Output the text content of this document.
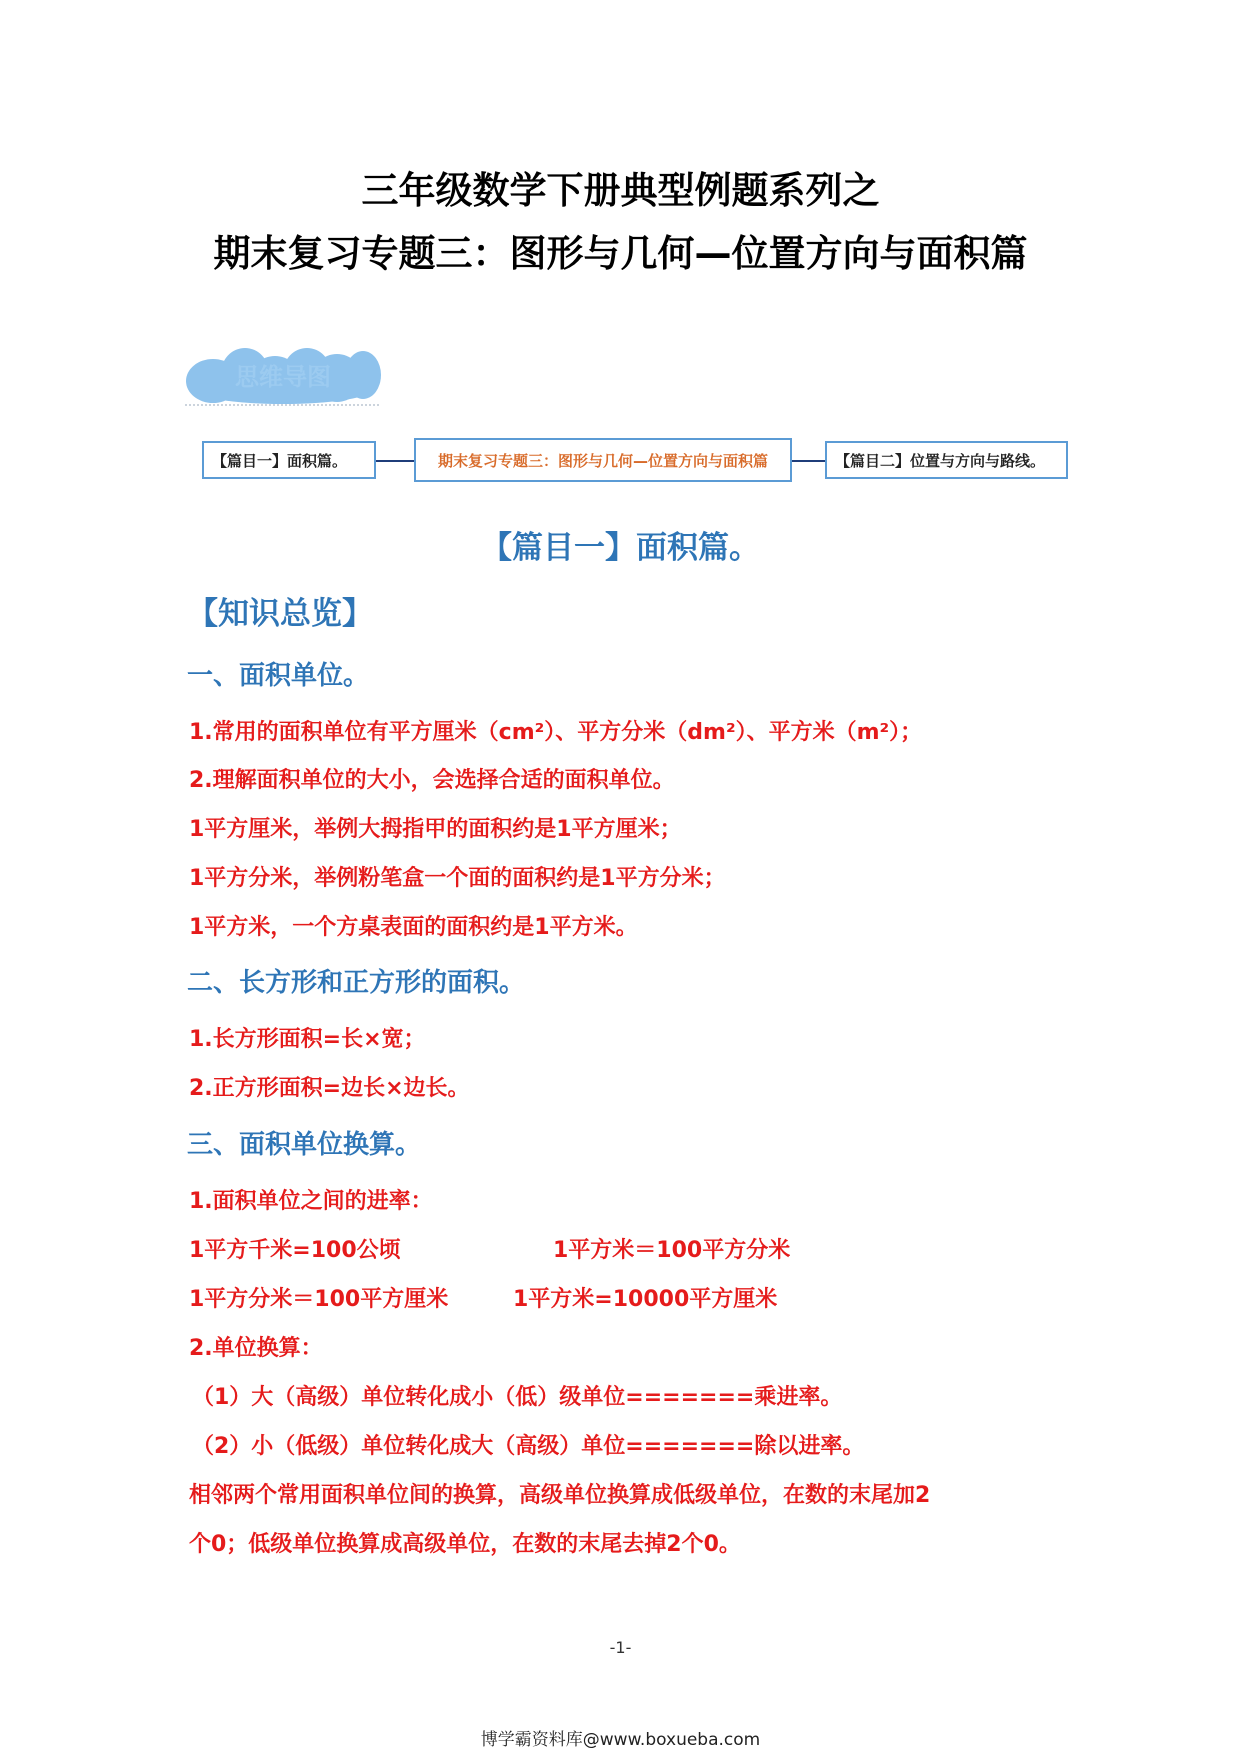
三年级数学下册典型例题系列之
期末复习专题三：图形与几何—位置方向与面积篇
思维导图
【篇目一】面积篇。	期末复习专题三：图形与几何—位置方向与面积篇	【篇目二】位置与方向与路线。
【篇目一】面积篇。
【知识总览】
一、面积单位。
1.常用的面积单位有平方厘米（cm²）、平方分米（dm²）、平方米（m²）；
2.理解面积单位的大小，会选择合适的面积单位。
1平方厘米，举例大拇指甲的面积约是1平方厘米；
1平方分米，举例粉笔盒一个面的面积约是1平方分米；
1平方米，一个方桌表面的面积约是1平方米。
二、长方形和正方形的面积。
1.长方形面积=长×宽；
2.正方形面积=边长×边长。
三、面积单位换算。
1.面积单位之间的进率：
1平方千米=100公顷	1平方米＝100平方分米
1平方分米＝100平方厘米	1平方米=10000平方厘米
2.单位换算：
（1）大（高级）单位转化成小（低）级单位=======乘进率。
（2）小（低级）单位转化成大（高级）单位=======除以进率。
相邻两个常用面积单位间的换算，高级单位换算成低级单位，在数的末尾加2
个0；低级单位换算成高级单位，在数的末尾去掉2个0。
-1-
博学霸资料库@www.boxueba.com
